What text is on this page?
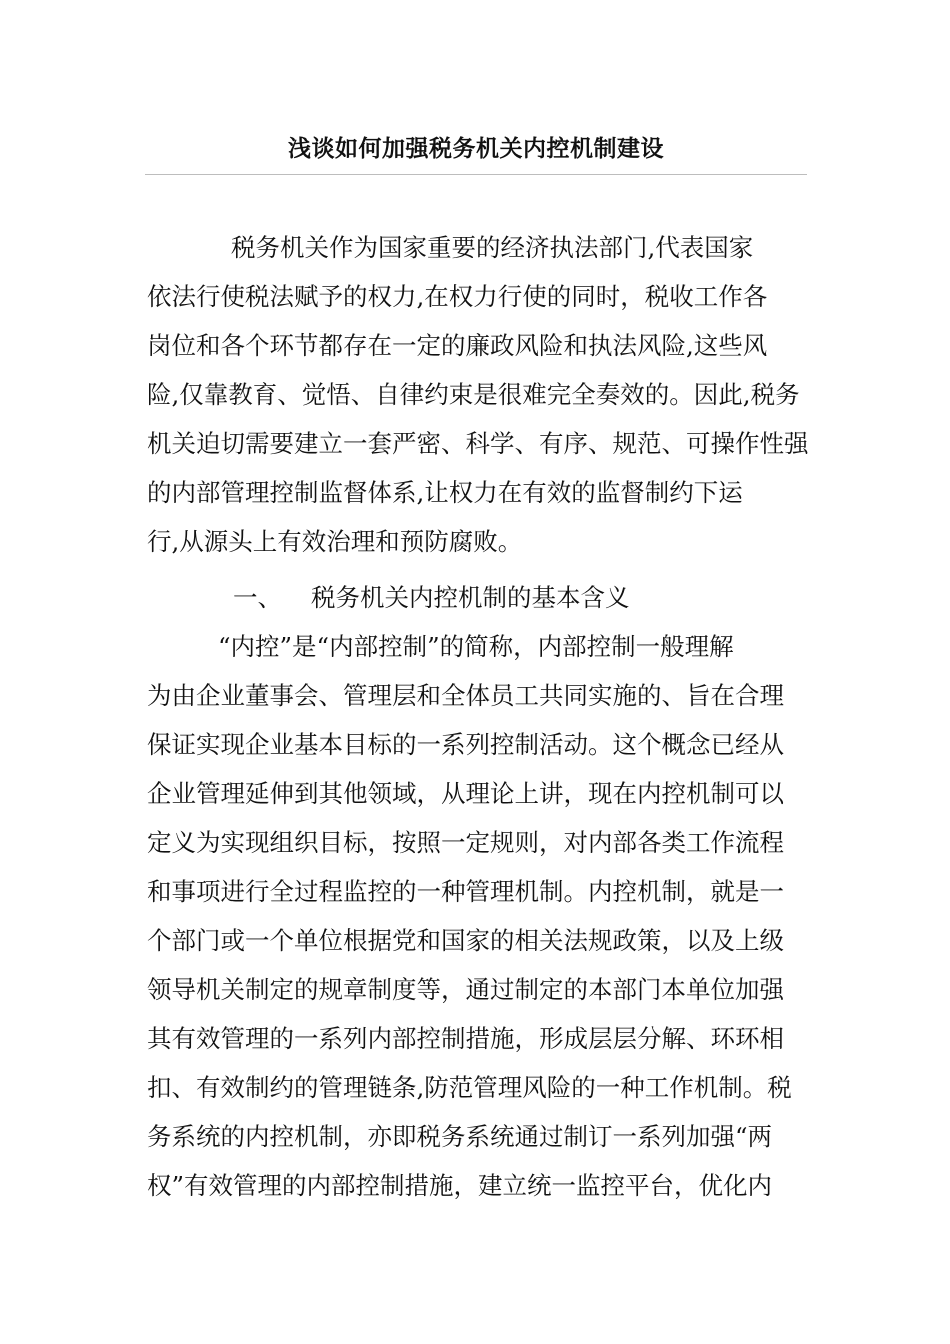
浅谈如何加强税务机关内控机制建设
税务机关作为国家重要的经济执法部门,代表国家
依法行使税法赋予的权力,在权力行使的同时，税收工作各
岗位和各个环节都存在一定的廉政风险和执法风险,这些风
险,仅靠教育、觉悟、自律约束是很难完全奏效的。因此,税务
机关迫切需要建立一套严密、科学、有序、规范、可操作性强
的内部管理控制监督体系,让权力在有效的监督制约下运
行,从源头上有效治理和预防腐败。
一、 税务机关内控机制的基本含义
“内控”是“内部控制”的简称，内部控制一般理解
为由企业董事会、管理层和全体员工共同实施的、旨在合理
保证实现企业基本目标的一系列控制活动。这个概念已经从
企业管理延伸到其他领域，从理论上讲，现在内控机制可以
定义为实现组织目标，按照一定规则，对内部各类工作流程
和事项进行全过程监控的一种管理机制。内控机制，就是一
个部门或一个单位根据党和国家的相关法规政策，以及上级
领导机关制定的规章制度等，通过制定的本部门本单位加强
其有效管理的一系列内部控制措施，形成层层分解、环环相
扣、有效制约的管理链条,防范管理风险的一种工作机制。税
务系统的内控机制，亦即税务系统通过制订一系列加强“两
权”有效管理的内部控制措施，建立统一监控平台，优化内
